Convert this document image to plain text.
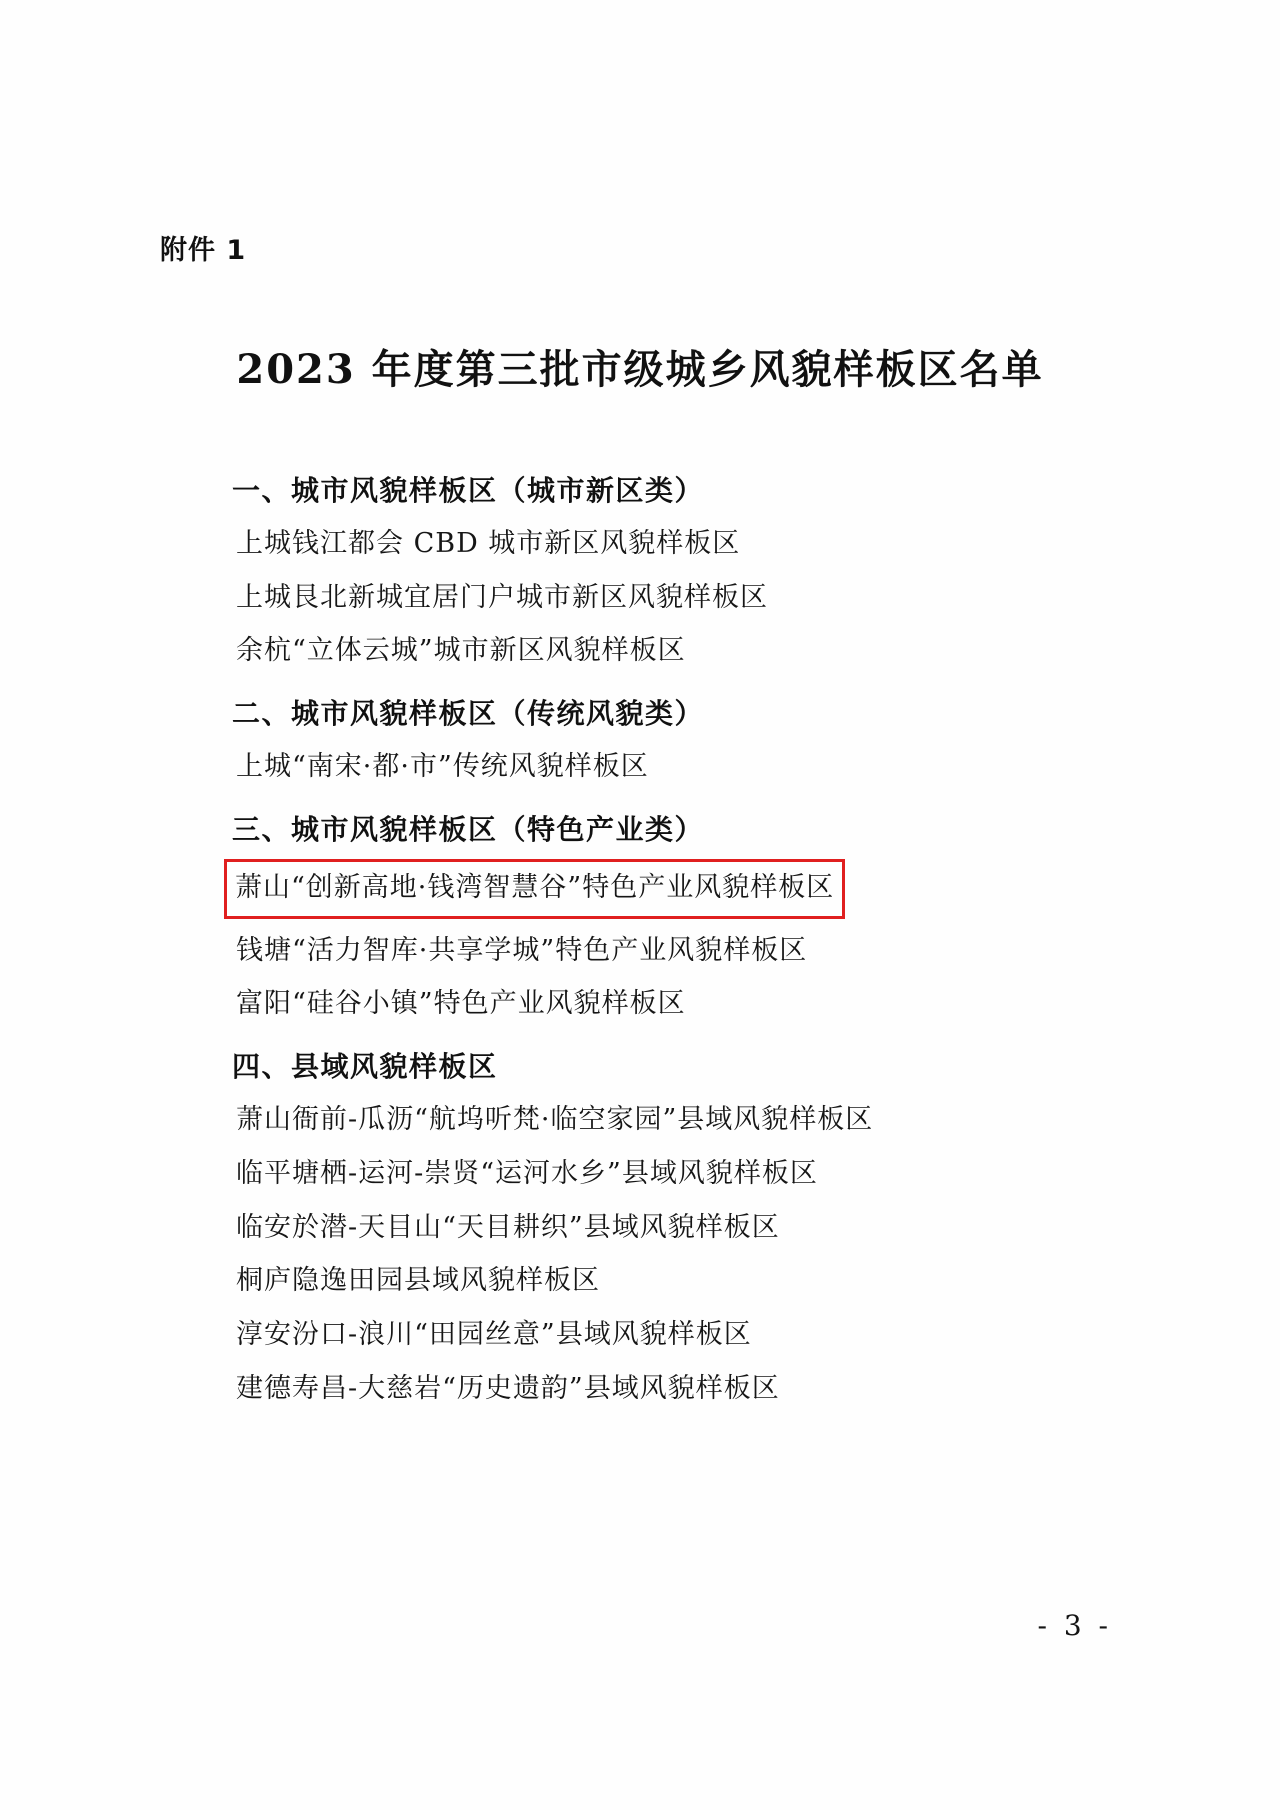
附件 1
2023 年度第三批市级城乡风貌样板区名单
一、城市风貌样板区（城市新区类）
上城钱江都会 CBD 城市新区风貌样板区
上城艮北新城宜居门户城市新区风貌样板区
余杭“立体云城”城市新区风貌样板区
二、城市风貌样板区（传统风貌类）
上城“南宋·都·市”传统风貌样板区
三、城市风貌样板区（特色产业类）
萧山“创新高地·钱湾智慧谷”特色产业风貌样板区
钱塘“活力智库·共享学城”特色产业风貌样板区
富阳“硅谷小镇”特色产业风貌样板区
四、县域风貌样板区
萧山衙前-瓜沥“航坞听梵·临空家园”县域风貌样板区
临平塘栖-运河-崇贤“运河水乡”县域风貌样板区
临安於潜-天目山“天目耕织”县域风貌样板区
桐庐隐逸田园县域风貌样板区
淳安汾口-浪川“田园丝意”县域风貌样板区
建德寿昌-大慈岩“历史遗韵”县域风貌样板区
- 3 -
